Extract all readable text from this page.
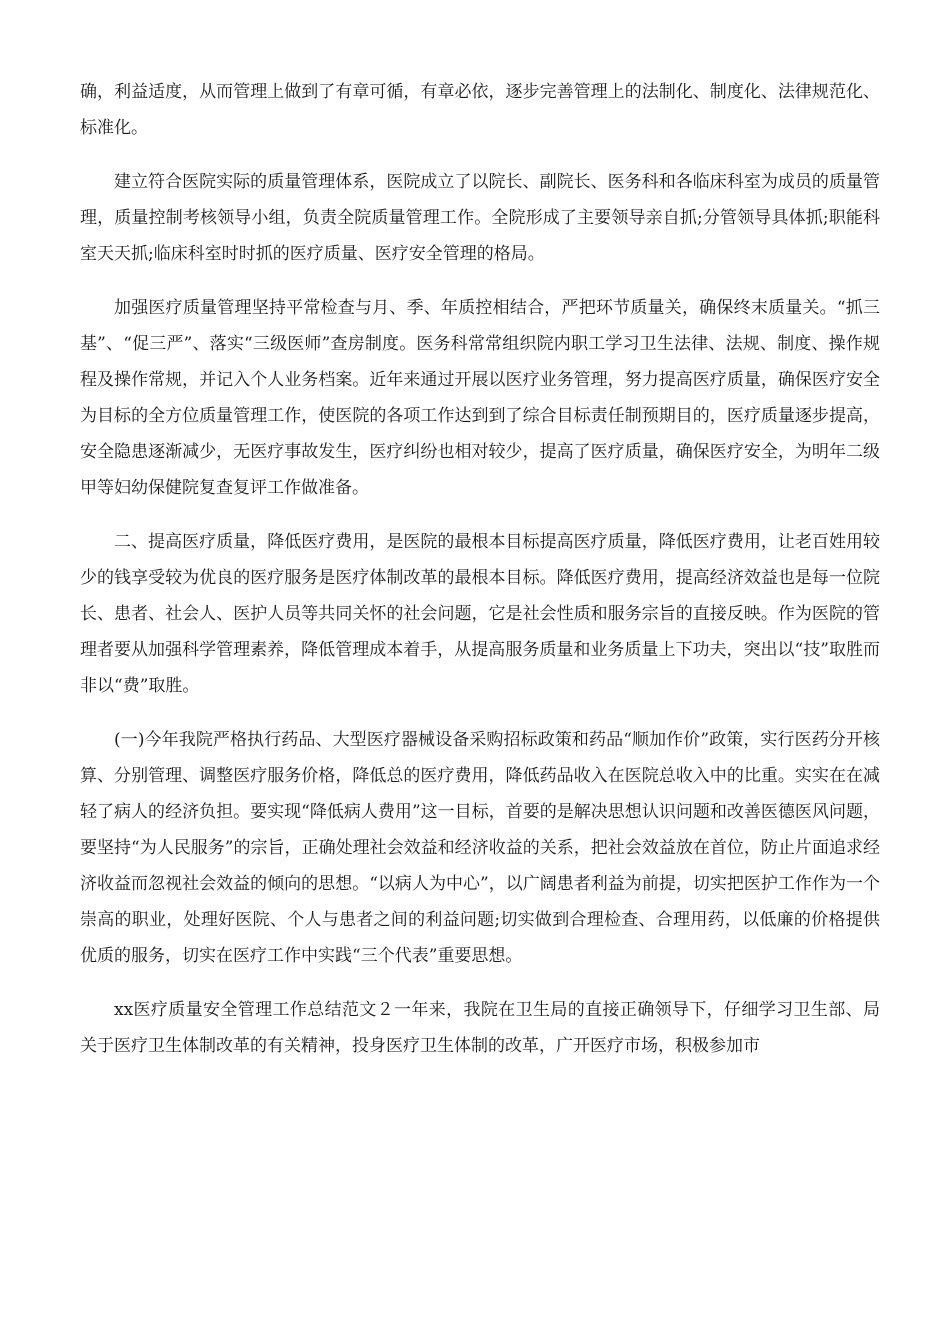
确，利益适度，从而管理上做到了有章可循，有章必依，逐步完善管理上的法制化、制度化、法律规范化、标准化。

建立符合医院实际的质量管理体系，医院成立了以院长、副院长、医务科和各临床科室为成员的质量管理，质量控制考核领导小组，负责全院质量管理工作。全院形成了主要领导亲自抓;分管领导具体抓;职能科室天天抓;临床科室时时抓的医疗质量、医疗安全管理的格局。

加强医疗质量管理坚持平常检查与月、季、年质控相结合，严把环节质量关，确保终末质量关。“抓三基”、“促三严”、落实“三级医师”查房制度。医务科常常组织院内职工学习卫生法律、法规、制度、操作规程及操作常规，并记入个人业务档案。近年来通过开展以医疗业务管理，努力提高医疗质量，确保医疗安全为目标的全方位质量管理工作，使医院的各项工作达到到了综合目标责任制预期目的，医疗质量逐步提高，安全隐患逐渐减少，无医疗事故发生，医疗纠纷也相对较少，提高了医疗质量，确保医疗安全，为明年二级甲等妇幼保健院复查复评工作做准备。

二、提高医疗质量，降低医疗费用，是医院的最根本目标提高医疗质量，降低医疗费用，让老百姓用较少的钱享受较为优良的医疗服务是医疗体制改革的最根本目标。降低医疗费用，提高经济效益也是每一位院长、患者、社会人、医护人员等共同关怀的社会问题，它是社会性质和服务宗旨的直接反映。作为医院的管理者要从加强科学管理素养，降低管理成本着手，从提高服务质量和业务质量上下功夫，突出以“技”取胜而非以“费”取胜。

(一)今年我院严格执行药品、大型医疗器械设备采购招标政策和药品“顺加作价”政策，实行医药分开核算、分别管理、调整医疗服务价格，降低总的医疗费用，降低药品收入在医院总收入中的比重。实实在在减轻了病人的经济负担。要实现“降低病人费用”这一目标，首要的是解决思想认识问题和改善医德医风问题，要坚持“为人民服务”的宗旨，正确处理社会效益和经济收益的关系，把社会效益放在首位，防止片面追求经济收益而忽视社会效益的倾向的思想。“以病人为中心”，以广阔患者利益为前提，切实把医护工作作为一个崇高的职业，处理好医院、个人与患者之间的利益问题;切实做到合理检查、合理用药，以低廉的价格提供优质的服务，切实在医疗工作中实践“三个代表”重要思想。

xx医疗质量安全管理工作总结范文２一年来，我院在卫生局的直接正确领导下，仔细学习卫生部、局关于医疗卫生体制改革的有关精神，投身医疗卫生体制的改革，广开医疗市场，积极参加市
